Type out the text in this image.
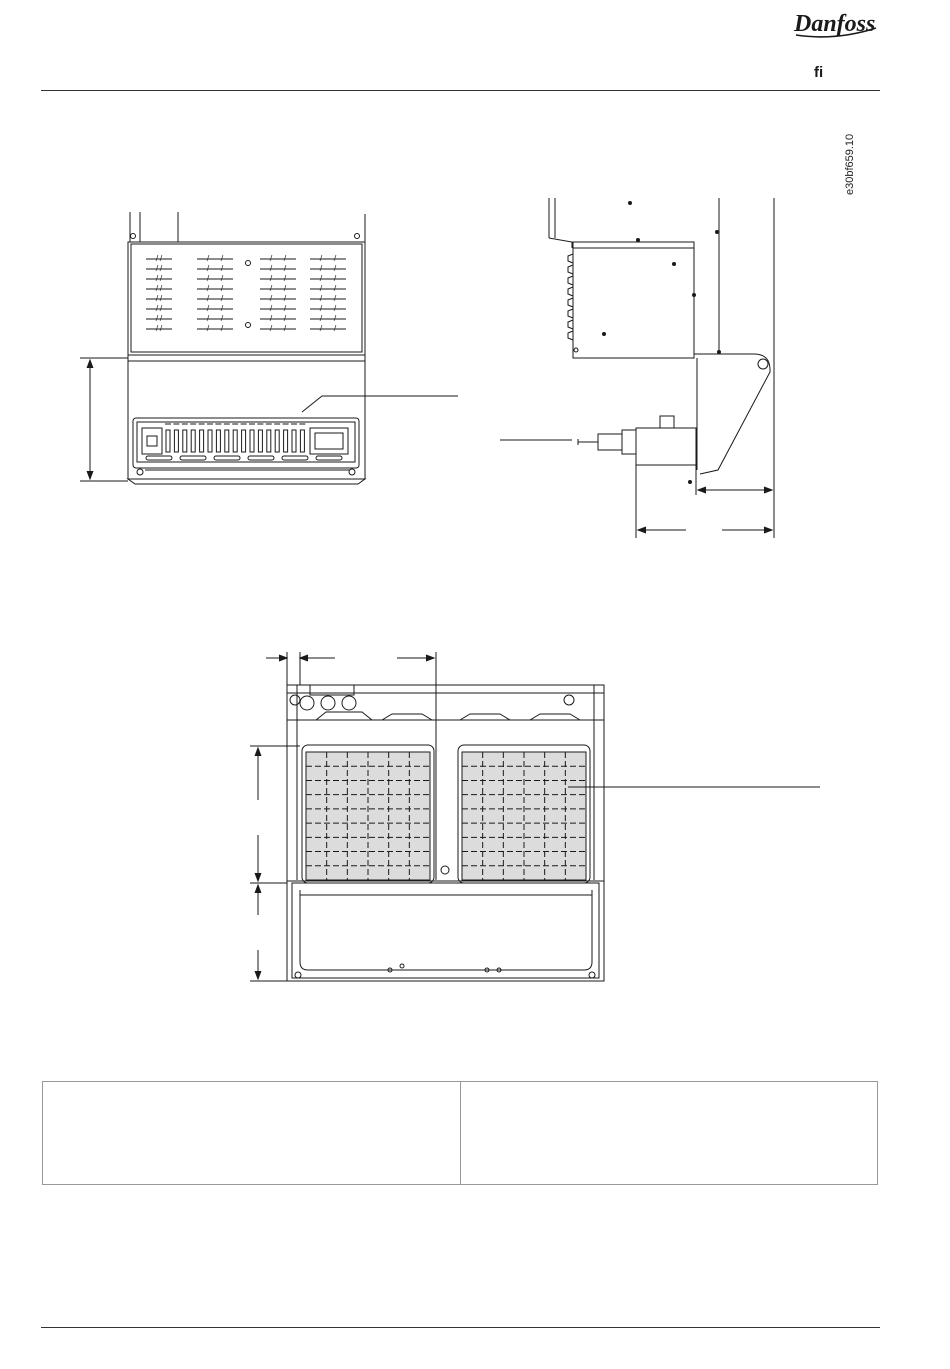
Danfoss
fi
e30bf659.10
